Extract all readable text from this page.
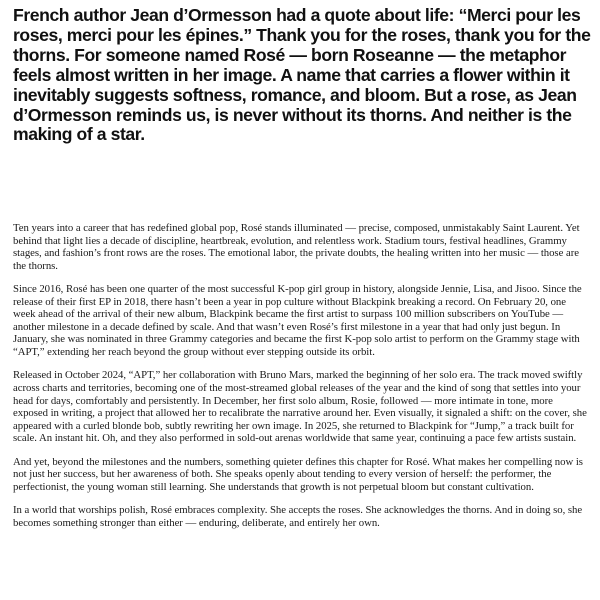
French author Jean d’Ormesson had a quote about life: “Merci pour les roses, merci pour les épines.” Thank you for the roses, thank you for the thorns. For someone named Rosé — born Roseanne — the metaphor feels almost written in her image. A name that carries a flower within it inevitably suggests softness, romance, and bloom. But a rose, as Jean d’Ormesson reminds us, is never without its thorns. And neither is the making of a star.

Ten years into a career that has redefined global pop, Rosé stands illuminated — precise, composed, unmistakably Saint Laurent. Yet behind that light lies a decade of discipline, heartbreak, evolution, and relentless work. Stadium tours, festival headlines, Grammy stages, and fashion’s front rows are the roses. The emotional labor, the private doubts, the healing written into her music — those are the thorns.

Since 2016, Rosé has been one quarter of the most successful K-pop girl group in history, alongside Jennie, Lisa, and Jisoo. Since the release of their first EP in 2018, there hasn’t been a year in pop culture without Blackpink breaking a record. On February 20, one week ahead of the arrival of their new album, Blackpink became the first artist to surpass 100 million subscribers on YouTube — another milestone in a decade defined by scale. And that wasn’t even Rosé’s first milestone in a year that had only just begun. In January, she was nominated in three Grammy categories and became the first K-pop solo artist to perform on the Grammy stage with “APT,” extending her reach beyond the group without ever stepping outside its orbit.

Released in October 2024, “APT,” her collaboration with Bruno Mars, marked the beginning of her solo era. The track moved swiftly across charts and territories, becoming one of the most-streamed global releases of the year and the kind of song that settles into your head for days, comfortably and persistently. In December, her first solo album, Rosie, followed — more intimate in tone, more exposed in writing, a project that allowed her to recalibrate the narrative around her. Even visually, it signaled a shift: on the cover, she appeared with a curled blonde bob, subtly rewriting her own image. In 2025, she returned to Blackpink for “Jump,” a track built for scale. An instant hit. Oh, and they also performed in sold-out arenas worldwide that same year, continuing a pace few artists sustain.

And yet, beyond the milestones and the numbers, something quieter defines this chapter for Rosé. What makes her compelling now is not just her success, but her awareness of both. She speaks openly about tending to every version of herself: the performer, the perfectionist, the young woman still learning. She understands that growth is not perpetual bloom but constant cultivation.

In a world that worships polish, Rosé embraces complexity. She accepts the roses. She acknowledges the thorns. And in doing so, she becomes something stronger than either — enduring, deliberate, and entirely her own.
